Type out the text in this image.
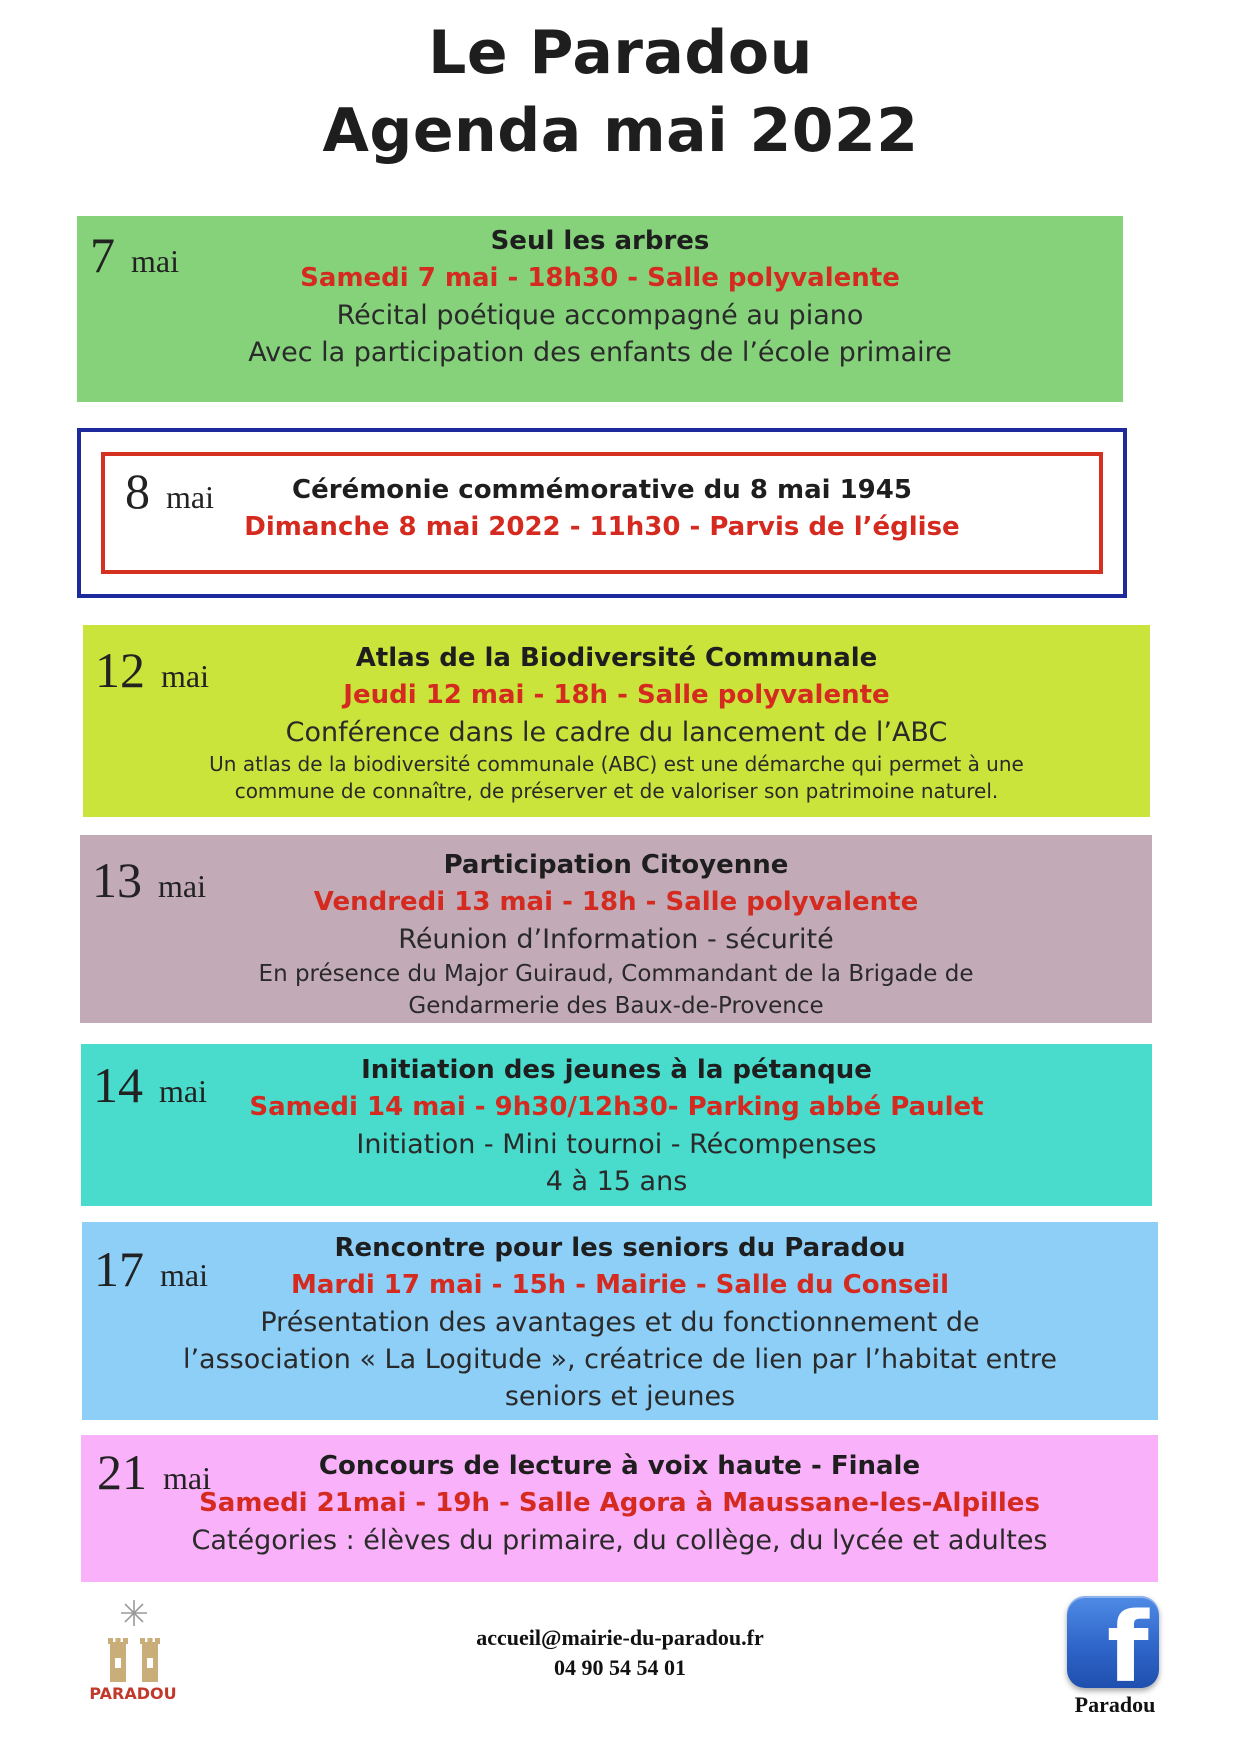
Le Paradou
Agenda mai 2022
7 mai
Seul les arbres
Samedi 7 mai - 18h30 - Salle polyvalente
Récital poétique accompagné au piano
Avec la participation des enfants de l’école primaire
8 mai	Cérémonie commémorative du 8 mai 1945
Dimanche 8 mai 2022 - 11h30 - Parvis de l’église
12 mai	Atlas de la Biodiversité Communale
Jeudi 12 mai - 18h - Salle polyvalente
Conférence dans le cadre du lancement de l’ABC
Un atlas de la biodiversité communale (ABC) est une démarche qui permet à une
commune de connaître, de préserver et de valoriser son patrimoine naturel.
13 mai
Participation Citoyenne
Vendredi 13 mai - 18h - Salle polyvalente
Réunion d’Information - sécurité
En présence du Major Guiraud, Commandant de la Brigade de
Gendarmerie des Baux-de-Provence
14 mai
Initiation des jeunes à la pétanque
Samedi 14 mai - 9h30/12h30- Parking abbé Paulet
Initiation - Mini tournoi - Récompenses
4 à 15 ans
17 mai
Rencontre pour les seniors du Paradou
Mardi 17 mai - 15h - Mairie - Salle du Conseil
Présentation des avantages et du fonctionnement de
l’association « La Logitude », créatrice de lien par l’habitat entre
seniors et jeunes
21 mai	Concours de lecture à voix haute - Finale
Samedi 21mai - 19h - Salle Agora à Maussane-les-Alpilles
Catégories : élèves du primaire, du collège, du lycée et adultes
PARADOU
accueil@mairie-du-paradou.fr
04 90 54 54 01	f
Paradou
